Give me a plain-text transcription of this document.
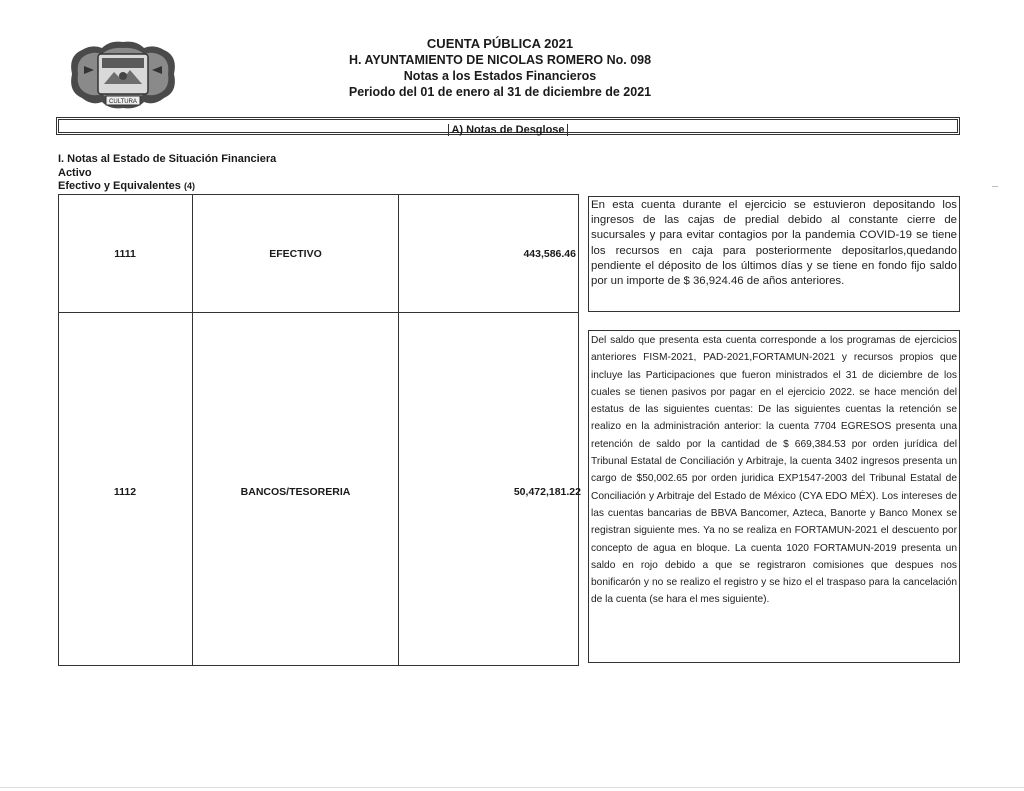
CULTURA
CUENTA PÚBLICA 2021
H. AYUNTAMIENTO DE NICOLAS ROMERO No. 098
Notas a los Estados Financieros
Periodo del 01 de enero al 31 de diciembre de 2021
A) Notas de Desglose
I. Notas al Estado de Situación Financiera
Activo
Efectivo y Equivalentes (4)
1111	EFECTIVO	443,586.46
En esta cuenta durante el ejercicio se estuvieron depositando los ingresos de las cajas de predial debido al constante cierre de sucursales y para evitar contagios por la pandemia COVID-19 se tiene los recursos en caja para posteriormente depositarlos,quedando pendiente el déposito de los últimos días y se tiene en fondo fijo saldo por un importe de $ 36,924.46 de años anteriores.
1112	BANCOS/TESORERIA	50,472,181.22
Del saldo que presenta esta cuenta corresponde a los programas de ejercicios anteriores FISM-2021, PAD-2021,FORTAMUN-2021 y recursos propios que incluye las Participaciones que fueron ministrados el 31 de diciembre de los cuales se tienen pasivos por pagar en el ejercicio 2022. se hace mención del estatus de las siguientes cuentas: De las siguientes cuentas la retención se realizo en la administración anterior: la cuenta 7704 EGRESOS presenta una retención de saldo por la cantidad de $ 669,384.53 por orden jurídica del Tribunal Estatal de Conciliación y Arbitraje, la cuenta 3402 ingresos presenta un cargo de $50,002.65 por orden juridica EXP1547-2003 del Tribunal Estatal de Conciliación y Arbitraje del Estado de México (CYA EDO MÉX). Los intereses de las cuentas bancarias de BBVA Bancomer, Azteca, Banorte y Banco Monex se registran siguiente mes. Ya no se realiza en FORTAMUN-2021 el descuento por concepto de agua en bloque. La cuenta 1020 FORTAMUN-2019 presenta un saldo en rojo debido a que se registraron comisiones que despues nos bonificarón y no se realizo el registro y se hizo el el traspaso para la cancelación de la cuenta (se hara el mes siguiente).
